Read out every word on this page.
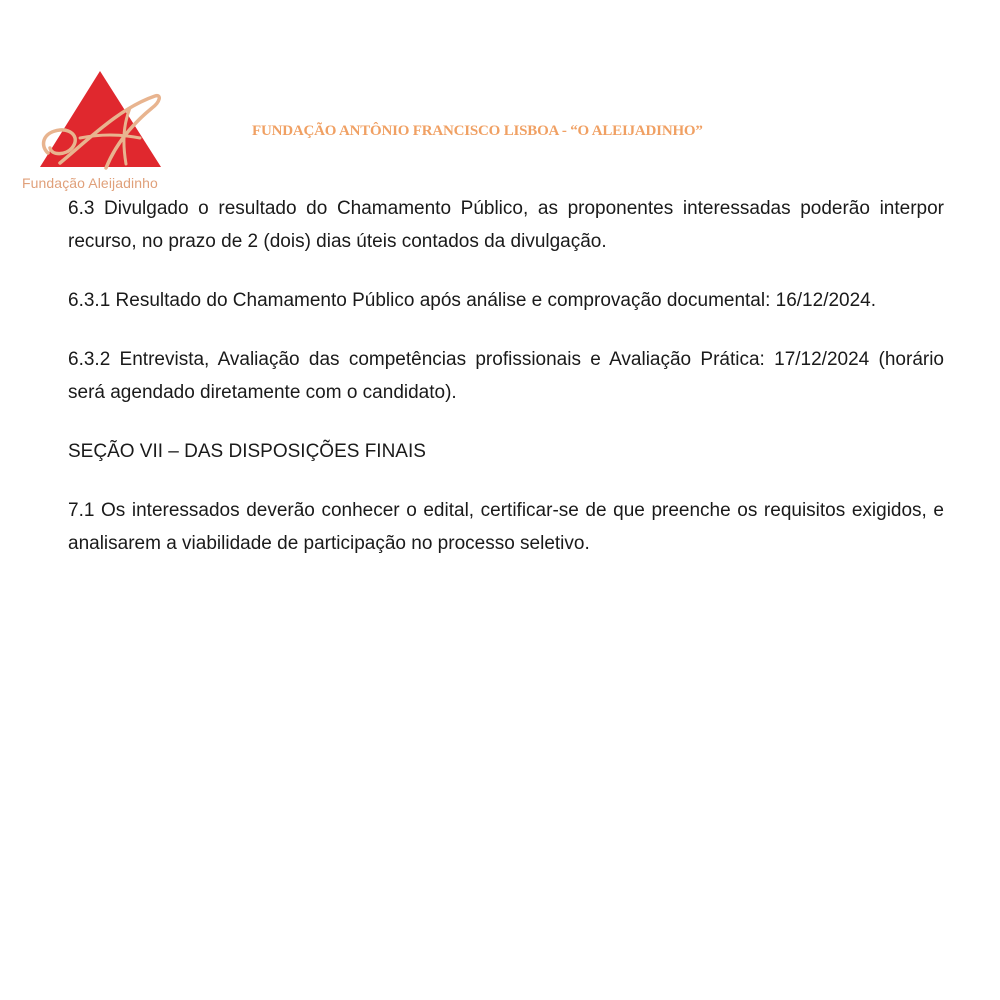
Fundação Aleijadinho
FUNDAÇÃO ANTÔNIO FRANCISCO LISBOA - “O ALEIJADINHO”

6.3 Divulgado o resultado do Chamamento Público, as proponentes interessadas poderão interpor recurso, no prazo de 2 (dois) dias úteis contados da divulgação.

6.3.1 Resultado do Chamamento Público após análise e comprovação documental: 16/12/2024.

6.3.2 Entrevista, Avaliação das competências profissionais e Avaliação Prática: 17/12/2024 (horário será agendado diretamente com o candidato).

SEÇÃO VII – DAS DISPOSIÇÕES FINAIS

7.1 Os interessados deverão conhecer o edital, certificar-se de que preenche os requisitos exigidos, e analisarem a viabilidade de participação no processo seletivo.
